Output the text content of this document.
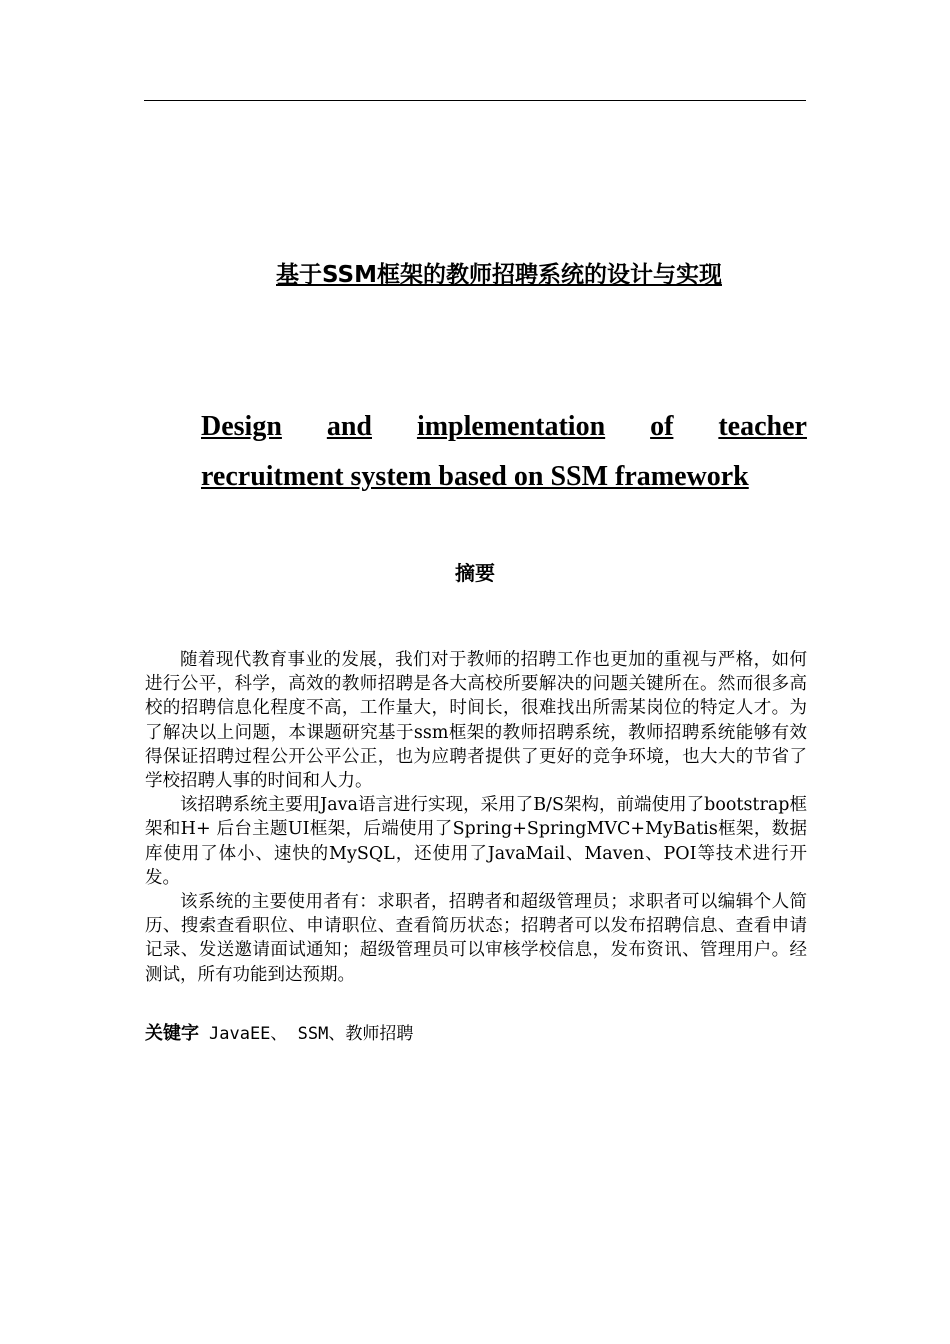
基于SSM框架的教师招聘系统的设计与实现
Design and implementation of teacher
recruitment system based on SSM framework
摘要

随着现代教育事业的发展，我们对于教师的招聘工作也更加的重视与严格，如何进行公平，科学，高效的教师招聘是各大高校所要解决的问题关键所在。然而很多高校的招聘信息化程度不高，工作量大，时间长，很难找出所需某岗位的特定人才。为了解决以上问题，本课题研究基于ssm框架的教师招聘系统，教师招聘系统能够有效得保证招聘过程公开公平公正，也为应聘者提供了更好的竞争环境，也大大的节省了学校招聘人事的时间和人力。

该招聘系统主要用Java语言进行实现，采用了B/S架构，前端使用了bootstrap框架和H+ 后台主题UI框架，后端使用了Spring+SpringMVC+MyBatis框架，数据库使用了体小、速快的MySQL，还使用了JavaMail、Maven、POI等技术进行开发。

该系统的主要使用者有：求职者，招聘者和超级管理员；求职者可以编辑个人简历、搜索查看职位、申请职位、查看简历状态；招聘者可以发布招聘信息、查看申请记录、发送邀请面试通知；超级管理员可以审核学校信息，发布资讯、管理用户。经测试，所有功能到达预期。

关键字 JavaEE、 SSM、教师招聘
